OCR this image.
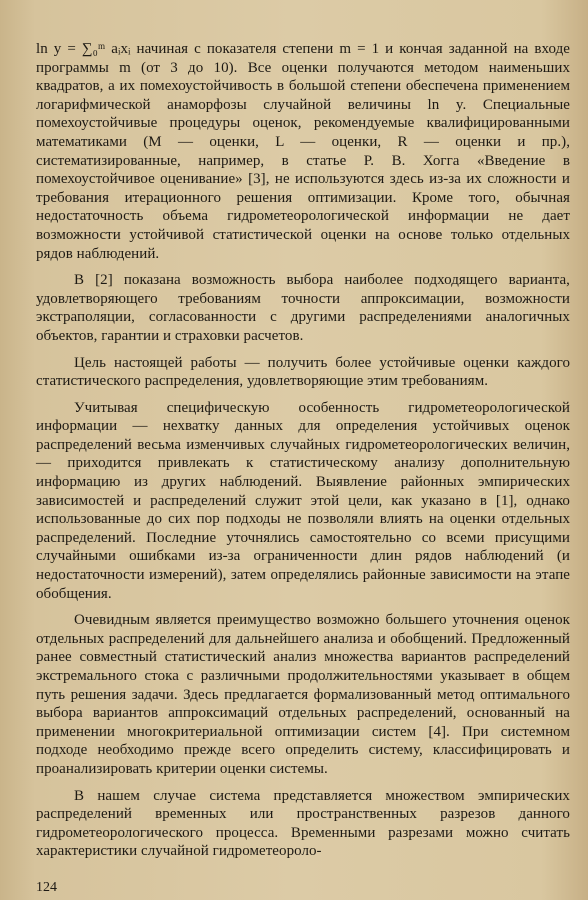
ln y = ∑₀ᵐ aᵢxᵢ начиная с показателя степени m = 1 и кончая заданной на входе программы m (от 3 до 10). Все оценки получаются методом наименьших квадратов, а их помехоустойчивость в большой степени обеспечена применением логарифмической анаморфозы случайной величины ln y. Специальные помехоустойчивые процедуры оценок, рекомендуемые квалифицированными математиками (M — оценки, L — оценки, R — оценки и пр.), систематизированные, например, в статье Р. В. Хогга «Введение в помехоустойчивое оценивание» [3], не используются здесь из-за их сложности и требования итерационного решения оптимизации. Кроме того, обычная недостаточность объема гидрометеорологической информации не дает возможности устойчивой статистической оценки на основе только отдельных рядов наблюдений.

В [2] показана возможность выбора наиболее подходящего варианта, удовлетворяющего требованиям точности аппроксимации, возможности экстраполяции, согласованности с другими распределениями аналогичных объектов, гарантии и страховки расчетов.

Цель настоящей работы — получить более устойчивые оценки каждого статистического распределения, удовлетворяющие этим требованиям.

Учитывая специфическую особенность гидрометеорологической информации — нехватку данных для определения устойчивых оценок распределений весьма изменчивых случайных гидрометеорологических величин, — приходится привлекать к статистическому анализу дополнительную информацию из других наблюдений. Выявление районных эмпирических зависимостей и распределений служит этой цели, как указано в [1], однако использованные до сих пор подходы не позволяли влиять на оценки отдельных распределений. Последние уточнялись самостоятельно со всеми присущими случайными ошибками из-за ограниченности длин рядов наблюдений (и недостаточности измерений), затем определялись районные зависимости на этапе обобщения.

Очевидным является преимущество возможно большего уточнения оценок отдельных распределений для дальнейшего анализа и обобщений. Предложенный ранее совместный статистический анализ множества вариантов распределений экстремального стока с различными продолжительностями указывает в общем путь решения задачи. Здесь предлагается формализованный метод оптимального выбора вариантов аппроксимаций отдельных распределений, основанный на применении многокритериальной оптимизации систем [4]. При системном подходе необходимо прежде всего определить систему, классифицировать и проанализировать критерии оценки системы.

В нашем случае система представляется множеством эмпирических распределений временных или пространственных разрезов данного гидрометеорологического процесса. Временными разрезами можно считать характеристики случайной гидрометеороло-

124
